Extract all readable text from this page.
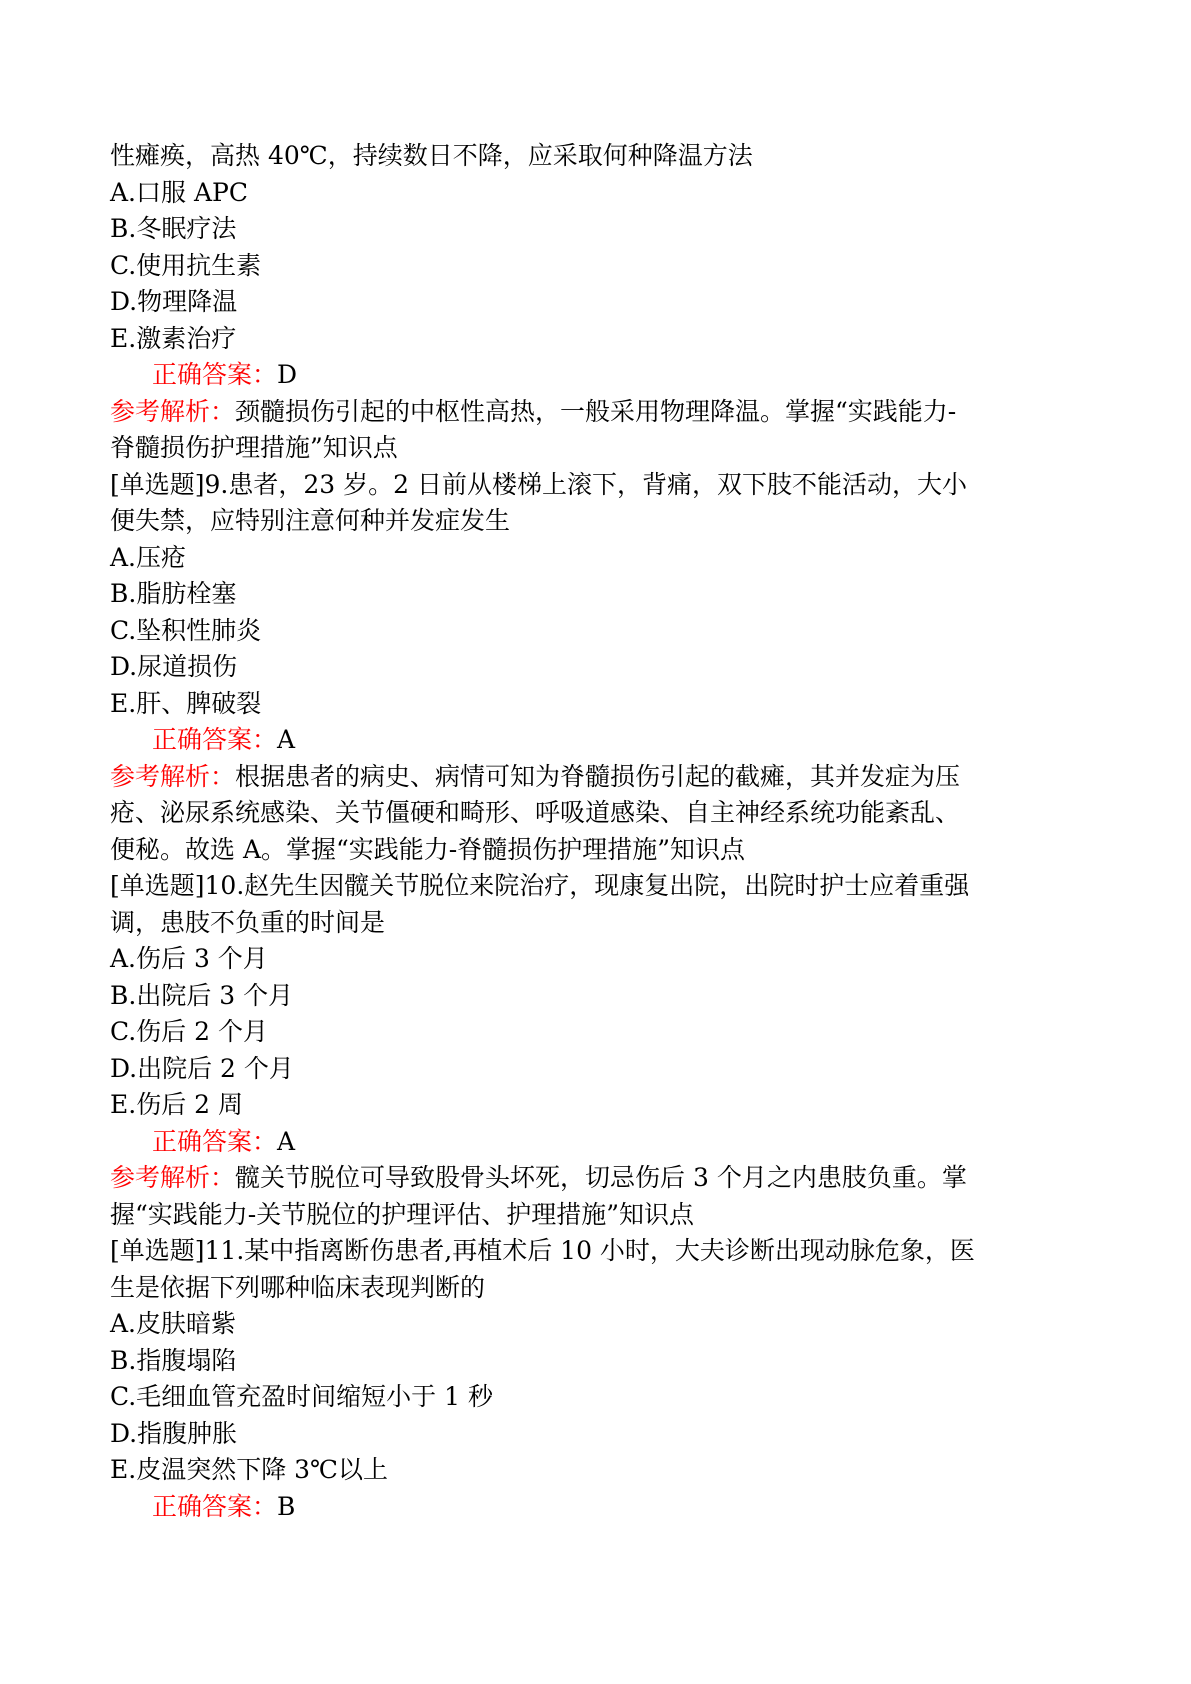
性瘫痪，高热 40℃，持续数日不降，应采取何种降温方法
A.口服 APC
B.冬眠疗法
C.使用抗生素
D.物理降温
E.激素治疗
正确答案：D
参考解析：颈髓损伤引起的中枢性高热，一般采用物理降温。掌握“实践能力-
脊髓损伤护理措施”知识点
[单选题]9.患者，23 岁。2 日前从楼梯上滚下，背痛，双下肢不能活动，大小
便失禁，应特别注意何种并发症发生
A.压疮
B.脂肪栓塞
C.坠积性肺炎
D.尿道损伤
E.肝、脾破裂
正确答案：A
参考解析：根据患者的病史、病情可知为脊髓损伤引起的截瘫，其并发症为压
疮、泌尿系统感染、关节僵硬和畸形、呼吸道感染、自主神经系统功能紊乱、
便秘。故选 A。掌握“实践能力-脊髓损伤护理措施”知识点
[单选题]10.赵先生因髋关节脱位来院治疗，现康复出院，出院时护士应着重强
调，患肢不负重的时间是
A.伤后 3 个月
B.出院后 3 个月
C.伤后 2 个月
D.出院后 2 个月
E.伤后 2 周
正确答案：A
参考解析：髋关节脱位可导致股骨头坏死，切忌伤后 3 个月之内患肢负重。掌
握“实践能力-关节脱位的护理评估、护理措施”知识点
[单选题]11.某中指离断伤患者,再植术后 10 小时，大夫诊断出现动脉危象，医
生是依据下列哪种临床表现判断的
A.皮肤暗紫
B.指腹塌陷
C.毛细血管充盈时间缩短小于 1 秒
D.指腹肿胀
E.皮温突然下降 3℃以上
正确答案：B
